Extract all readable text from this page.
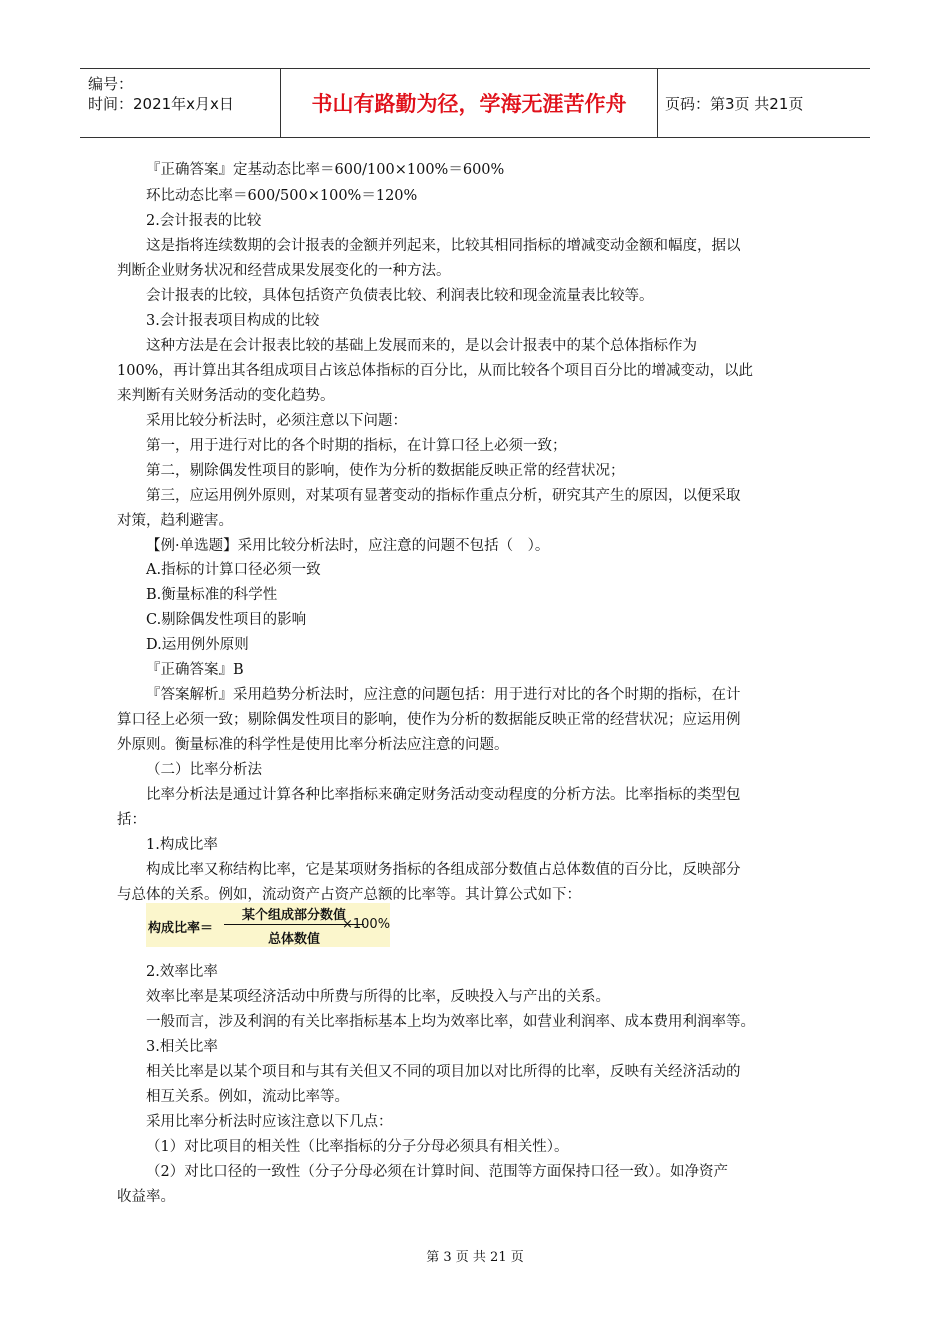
编号：
时间：2021年x月x日	书山有路勤为径，学海无涯苦作舟	页码：第3页 共21页
『正确答案』定基动态比率＝600/100×100%＝600%
环比动态比率＝600/500×100%＝120%
2.会计报表的比较
这是指将连续数期的会计报表的金额并列起来，比较其相同指标的增减变动金额和幅度，据以
判断企业财务状况和经营成果发展变化的一种方法。
会计报表的比较，具体包括资产负债表比较、利润表比较和现金流量表比较等。
3.会计报表项目构成的比较
这种方法是在会计报表比较的基础上发展而来的，是以会计报表中的某个总体指标作为
100%，再计算出其各组成项目占该总体指标的百分比，从而比较各个项目百分比的增减变动，以此
来判断有关财务活动的变化趋势。
采用比较分析法时，必须注意以下问题：
第一，用于进行对比的各个时期的指标，在计算口径上必须一致；
第二，剔除偶发性项目的影响，使作为分析的数据能反映正常的经营状况；
第三，应运用例外原则，对某项有显著变动的指标作重点分析，研究其产生的原因，以便采取
对策，趋利避害。
【例·单选题】采用比较分析法时，应注意的问题不包括（　）。
A.指标的计算口径必须一致
B.衡量标准的科学性
C.剔除偶发性项目的影响
D.运用例外原则
『正确答案』B
『答案解析』采用趋势分析法时，应注意的问题包括：用于进行对比的各个时期的指标，在计
算口径上必须一致；剔除偶发性项目的影响，使作为分析的数据能反映正常的经营状况；应运用例
外原则。衡量标准的科学性是使用比率分析法应注意的问题。
（二）比率分析法
比率分析法是通过计算各种比率指标来确定财务活动变动程度的分析方法。比率指标的类型包
括：
1.构成比率
构成比率又称结构比率，它是某项财务指标的各组成部分数值占总体数值的百分比，反映部分
与总体的关系。例如，流动资产占资产总额的比率等。其计算公式如下：
2.效率比率
效率比率是某项经济活动中所费与所得的比率，反映投入与产出的关系。
一般而言，涉及利润的有关比率指标基本上均为效率比率，如营业利润率、成本费用利润率等。
3.相关比率
相关比率是以某个项目和与其有关但又不同的项目加以对比所得的比率，反映有关经济活动的
相互关系。例如，流动比率等。
采用比率分析法时应该注意以下几点：
（1）对比项目的相关性（比率指标的分子分母必须具有相关性）。
（2）对比口径的一致性（分子分母必须在计算时间、范围等方面保持口径一致）。如净资产
收益率。
构成比率＝
某个组成部分数值
总体数值
×100%
第 3 页 共 21 页
